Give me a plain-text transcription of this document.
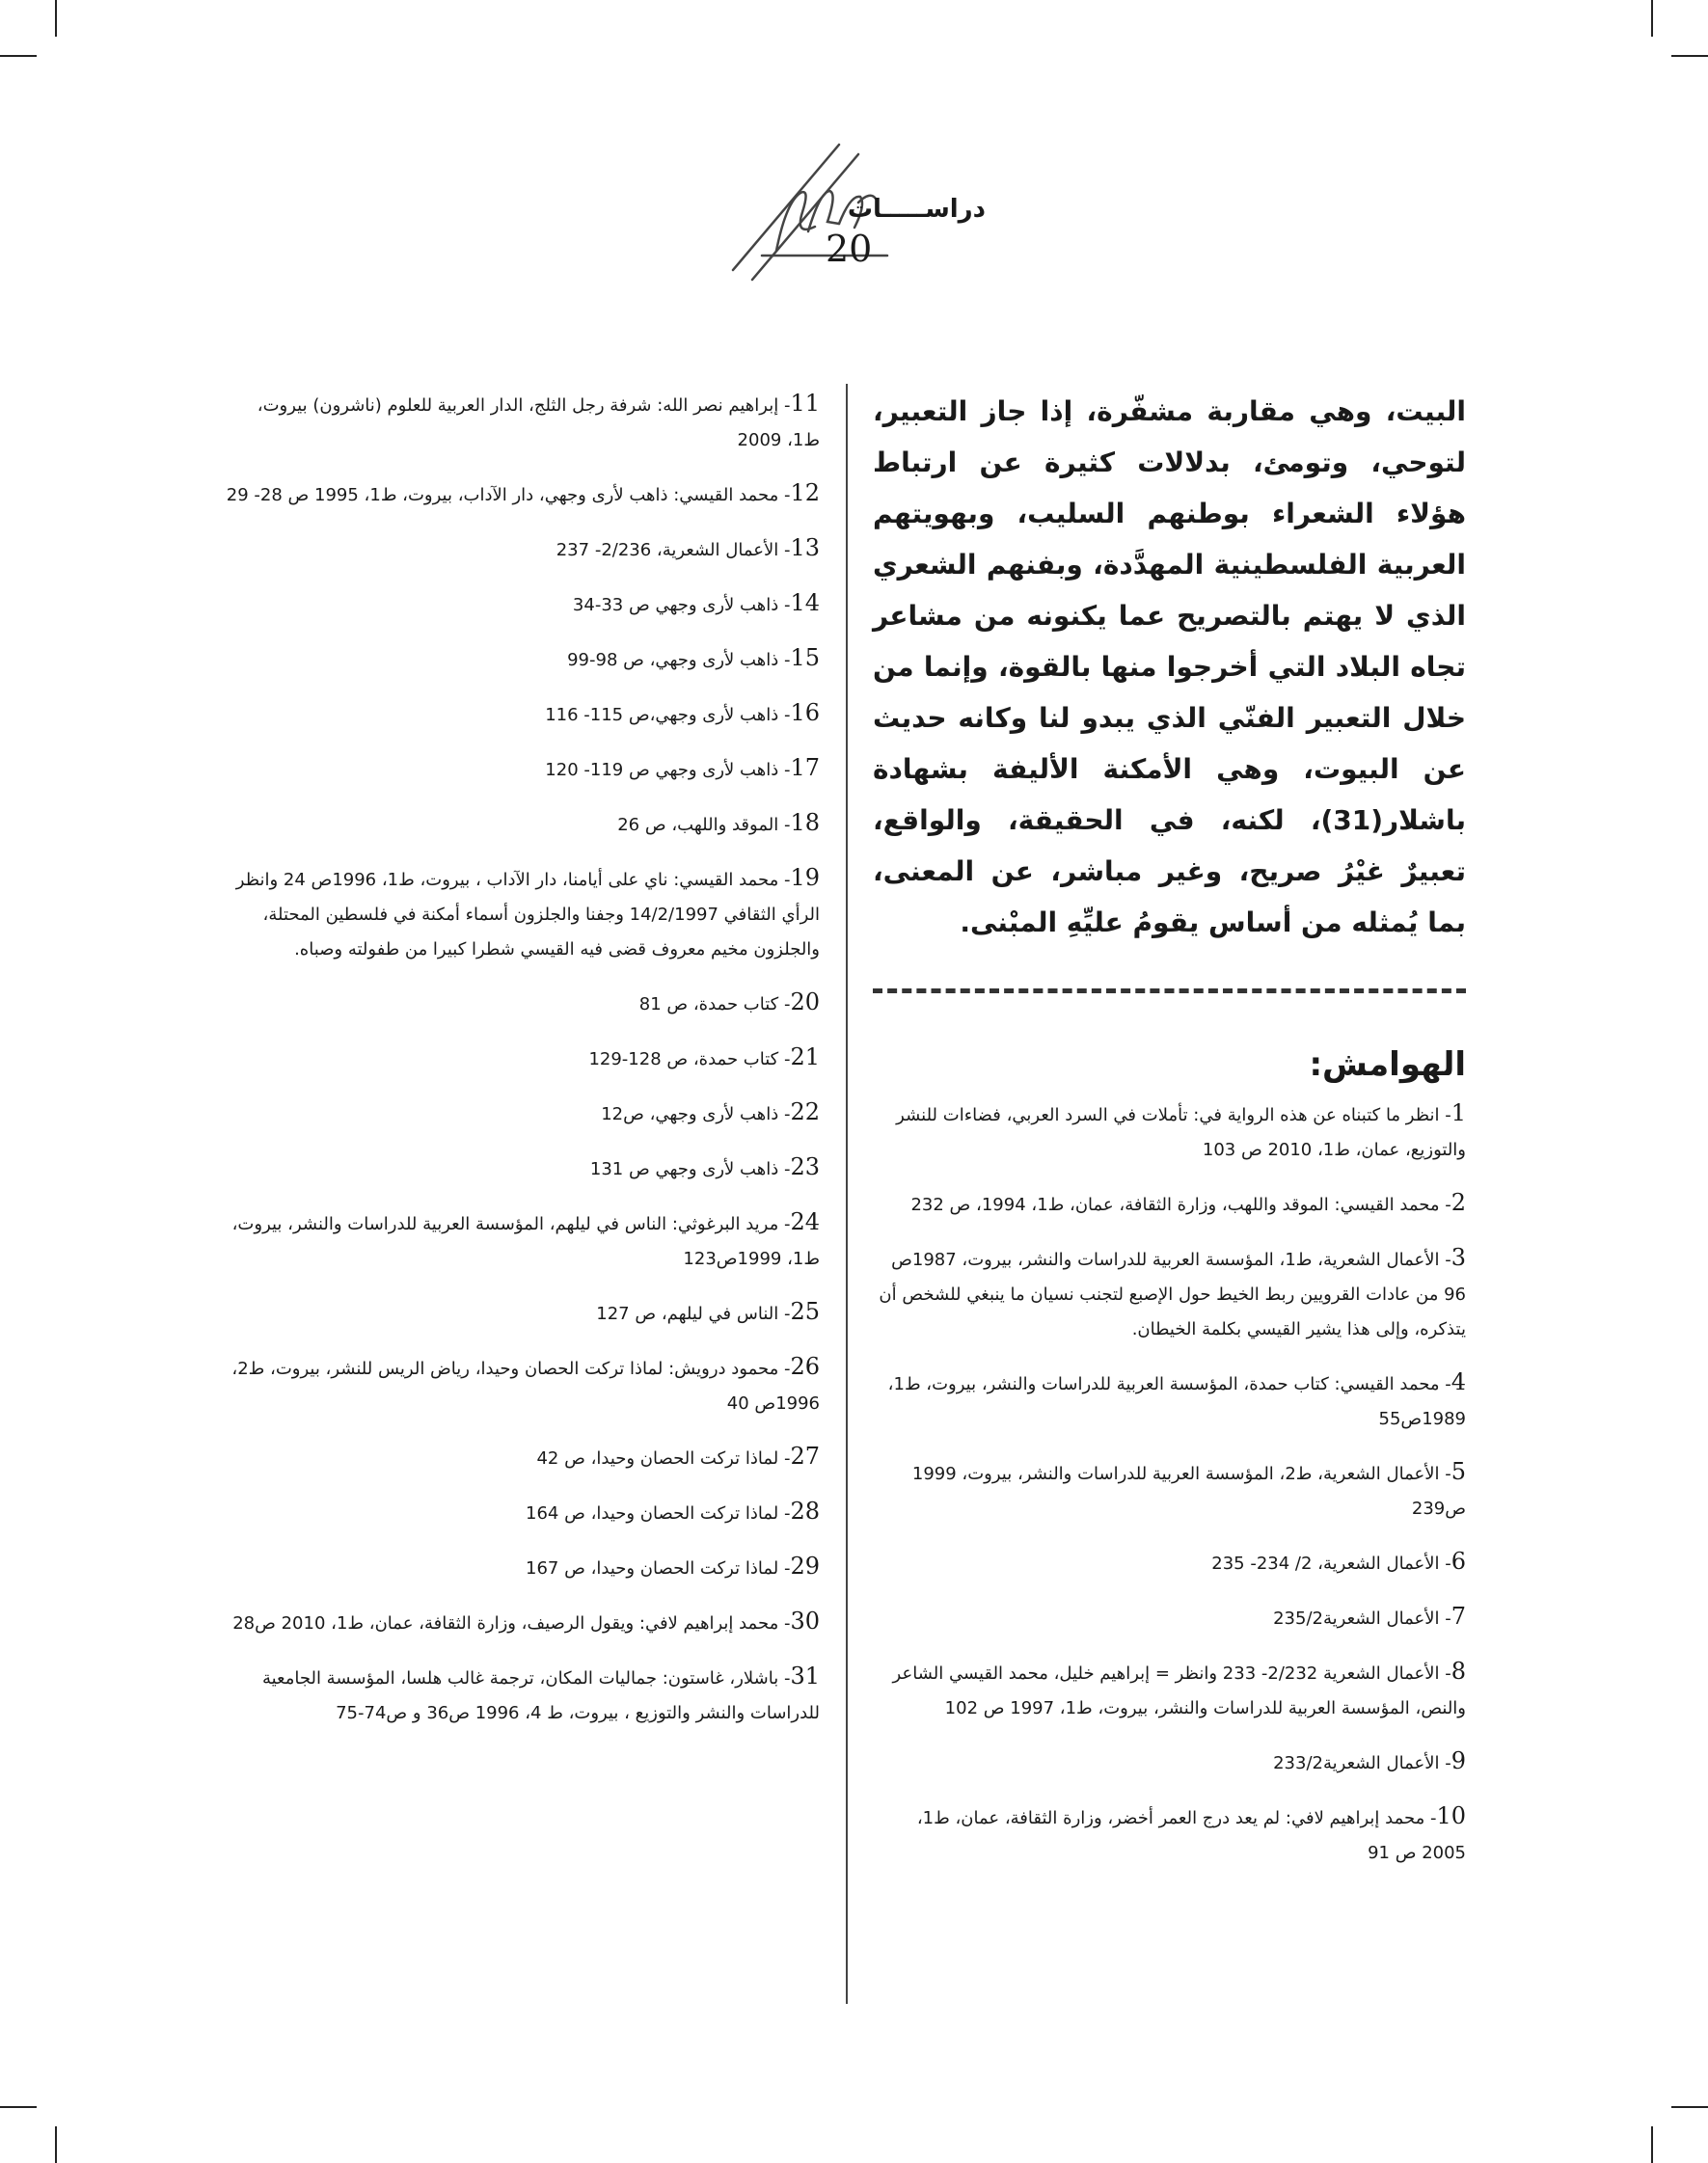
دراســـــات
20

البيت، وهي مقاربة مشفّرة، إذا جاز التعبير، لتوحي، وتومئ، بدلالات كثيرة عن ارتباط هؤلاء الشعراء بوطنهم السليب، وبهويتهم العربية الفلسطينية المهدَّدة، وبفنهم الشعري الذي لا يهتم بالتصريح عما يكنونه من مشاعر تجاه البلاد التي أخرجوا منها بالقوة، وإنما من خلال التعبير الفنّي الذي يبدو لنا وكانه حديث عن البيوت، وهي الأمكنة الأليفة بشهادة باشلار(31)، لكنه، في الحقيقة، والواقع، تعبيرٌ غيْرُ صريح، وغير مباشر، عن المعنى، بما يُمثله من أساس يقومُ عليِّهِ المبْنى.

الهوامش:

1- انظر ما كتبناه عن هذه الرواية في: تأملات في السرد العربي، فضاءات للنشر والتوزيع، عمان، ط1، 2010 ص 103

2- محمد القيسي: الموقد واللهب، وزارة الثقافة، عمان، ط1، 1994، ص 232

3- الأعمال الشعرية، ط1، المؤسسة العربية للدراسات والنشر، بيروت، 1987ص 96 من عادات القرويين ربط الخيط حول الإصبع لتجنب نسيان ما ينبغي للشخص أن يتذكره، وإلى هذا يشير القيسي بكلمة الخيطان.

4- محمد القيسي: كتاب حمدة، المؤسسة العربية للدراسات والنشر، بيروت، ط1، 1989ص55

5- الأعمال الشعرية، ط2، المؤسسة العربية للدراسات والنشر، بيروت، 1999 ص239

6- الأعمال الشعرية، 2/ 234- 235

7- الأعمال الشعرية235/2

8- الأعمال الشعرية 2/232- 233 وانظر = إبراهيم خليل، محمد القيسي الشاعر والنص، المؤسسة العربية للدراسات والنشر، بيروت، ط1، 1997 ص 102

9- الأعمال الشعرية233/2

10- محمد إبراهيم لافي: لم يعد درج العمر أخضر، وزارة الثقافة، عمان، ط1، 2005 ص 91

11- إبراهيم نصر الله: شرفة رجل الثلج، الدار العربية للعلوم (ناشرون) بيروت، ط1، 2009

12- محمد القيسي: ذاهب لأرى وجهي، دار الآداب، بيروت، ط1، 1995 ص 28- 29

13- الأعمال الشعرية، 2/236- 237

14- ذاهب لأرى وجهي ص 33-34

15- ذاهب لأرى وجهي، ص 98-99

16- ذاهب لأرى وجهي،ص 115- 116

17- ذاهب لأرى وجهي ص 119- 120

18- الموقد واللهب، ص 26

19- محمد القيسي: ناي على أيامنا، دار الآداب ، بيروت، ط1، 1996ص 24 وانظر الرأي الثقافي 14/2/1997 وجفنا والجلزون أسماء أمكنة في فلسطين المحتلة، والجلزون مخيم معروف قضى فيه القيسي شطرا كبيرا من طفولته وصباه.

20- كتاب حمدة، ص 81

21- كتاب حمدة، ص 128-129

22- ذاهب لأرى وجهي، ص12

23- ذاهب لأرى وجهي ص 131

24- مريد البرغوثي: الناس في ليلهم، المؤسسة العربية للدراسات والنشر، بيروت، ط1، 1999ص123

25- الناس في ليلهم، ص 127

26- محمود درويش: لماذا تركت الحصان وحيدا، رياض الريس للنشر، بيروت، ط2، 1996ص 40

27- لماذا تركت الحصان وحيدا، ص 42

28- لماذا تركت الحصان وحيدا، ص 164

29- لماذا تركت الحصان وحيدا، ص 167

30- محمد إبراهيم لافي: ويقول الرصيف، وزارة الثقافة، عمان، ط1، 2010 ص28

31- باشلار، غاستون: جماليات المكان، ترجمة غالب هلسا، المؤسسة الجامعية للدراسات والنشر والتوزيع ، بيروت، ط 4، 1996 ص36 و ص74-75
